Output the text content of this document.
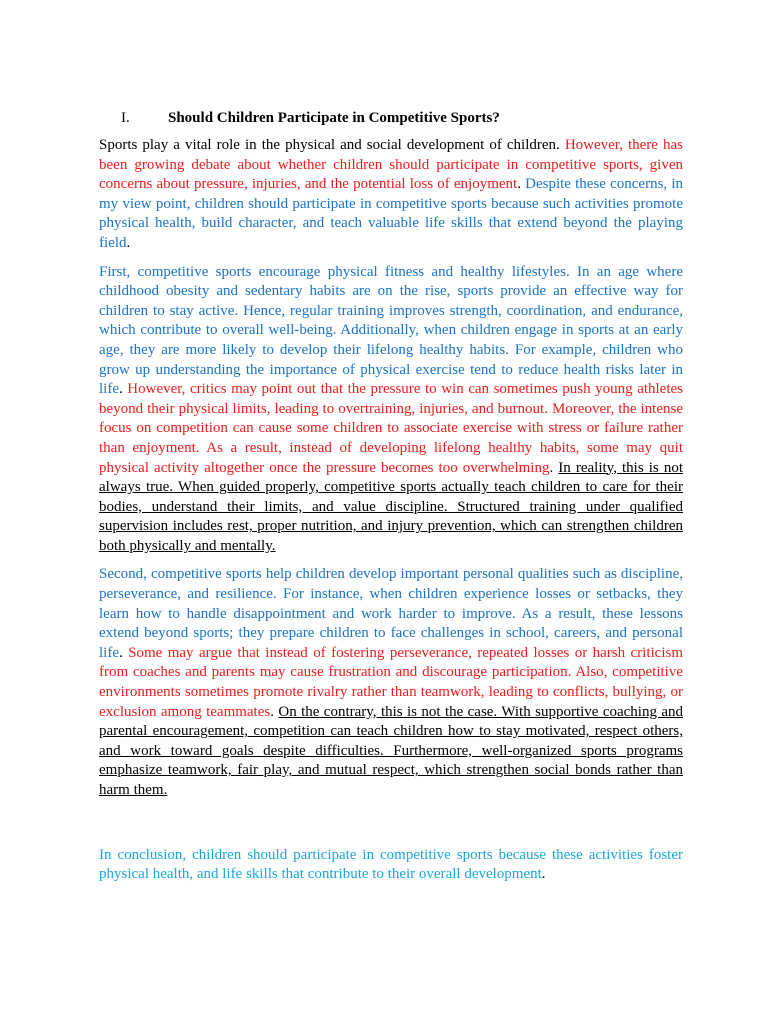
I.	Should Children Participate in Competitive Sports?

Sports play a vital role in the physical and social development of children. However, there has been growing debate about whether children should participate in competitive sports, given concerns about pressure, injuries, and the potential loss of enjoyment. Despite these concerns, in my view point, children should participate in competitive sports because such activities promote physical health, build character, and teach valuable life skills that extend beyond the playing field.

First, competitive sports encourage physical fitness and healthy lifestyles. In an age where childhood obesity and sedentary habits are on the rise, sports provide an effective way for children to stay active. Hence, regular training improves strength, coordination, and endurance, which contribute to overall well-being. Additionally, when children engage in sports at an early age, they are more likely to develop their lifelong healthy habits. For example, children who grow up understanding the importance of physical exercise tend to reduce health risks later in life. However, critics may point out that the pressure to win can sometimes push young athletes beyond their physical limits, leading to overtraining, injuries, and burnout. Moreover, the intense focus on competition can cause some children to associate exercise with stress or failure rather than enjoyment. As a result, instead of developing lifelong healthy habits, some may quit physical activity altogether once the pressure becomes too overwhelming. In reality, this is not always true. When guided properly, competitive sports actually teach children to care for their bodies, understand their limits, and value discipline. Structured training under qualified supervision includes rest, proper nutrition, and injury prevention, which can strengthen children both physically and mentally.

Second, competitive sports help children develop important personal qualities such as discipline, perseverance, and resilience. For instance, when children experience losses or setbacks, they learn how to handle disappointment and work harder to improve. As a result, these lessons extend beyond sports; they prepare children to face challenges in school, careers, and personal life. Some may argue that instead of fostering perseverance, repeated losses or harsh criticism from coaches and parents may cause frustration and discourage participation. Also, competitive environments sometimes promote rivalry rather than teamwork, leading to conflicts, bullying, or exclusion among teammates. On the contrary, this is not the case. With supportive coaching and parental encouragement, competition can teach children how to stay motivated, respect others, and work toward goals despite difficulties. Furthermore, well-organized sports programs emphasize teamwork, fair play, and mutual respect, which strengthen social bonds rather than harm them.

In conclusion, children should participate in competitive sports because these activities foster physical health, and life skills that contribute to their overall development.
